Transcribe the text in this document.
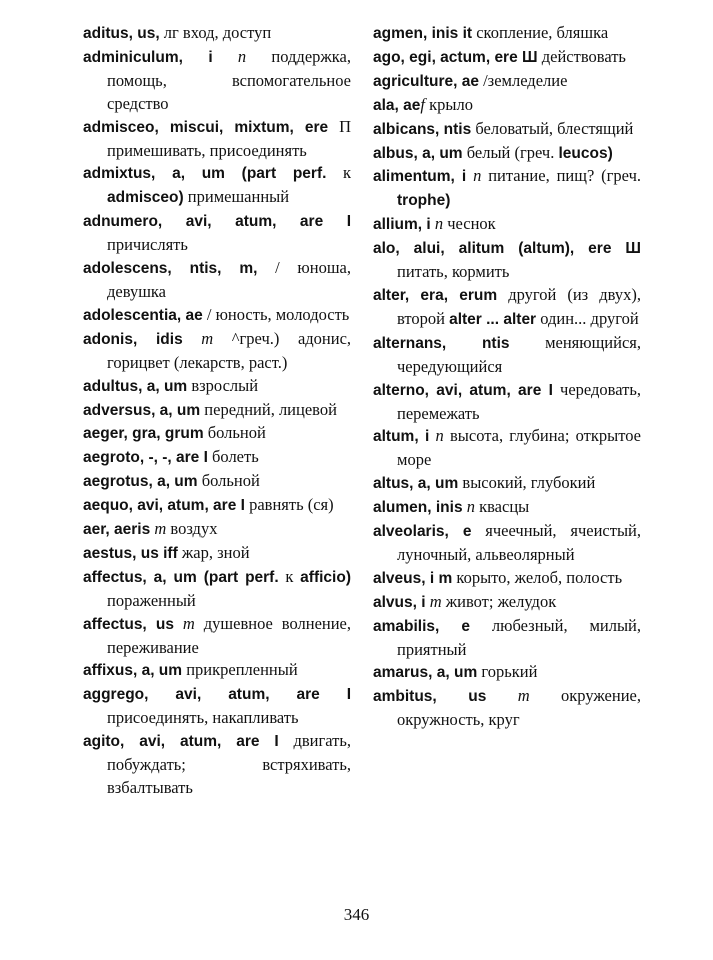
aditus, us, лг вход, доступ
adminiculum, i n поддержка, помощь, вспомогательное средство
admisceo, miscui, mixtum, ere П примешивать, присоединять
admixtus, a, um (part perf. к admisceo) примешанный
adnumero, avi, atum, are I причислять
adolescens, ntis, m, / юноша, девушка
adolescentia, ae / юность, молодость
adonis, idis m ^греч.) адонис, горицвет (лекарств, раст.)
adultus, a, um взрослый
adversus, a, um передний, лицевой
aeger, gra, grum больной
aegroto, -, -, are I болеть
aegrotus, a, um больной
aequo, avi, atum, are I равнять (ся)
aer, aeris m воздух
aestus, us iff жар, зной
affectus, a, um (part perf. к afficio) пораженный
affectus, us m душевное волнение, переживание
affixus, a, um прикрепленный
aggrego, avi, atum, are I присоединять, накапливать
agito, avi, atum, are I двигать, побуждать; встряхивать, взбалтывать
agmen, inis it скопление, бляшка
ago, egi, actum, ere Ш действовать
agriculture, ae /земледелие
ala, aef крыло
albicans, ntis беловатый, блестящий
albus, a, um белый (греч. leucos)
alimentum, i n питание, пищ? (греч. trophe)
allium, i n чеснок
alo, alui, alitum (altum), ere Ш питать, кормить
alter, era, erum другой (из двух), второй alter ... alter один... другой
alternans, ntis меняющийся, чередующийся
alterno, avi, atum, are I чередовать, перемежать
altum, i n высота, глубина; открытое море
altus, a, um высокий, глубокий
alumen, inis n квасцы
alveolaris, e ячеечный, ячеистый, луночный, альвеолярный
alveus, i m корыто, желоб, полость
alvus, i m живот; желудок
amabilis, e любезный, милый, приятный
amarus, a, um горький
ambitus, us m окружение, окружность, круг
346
